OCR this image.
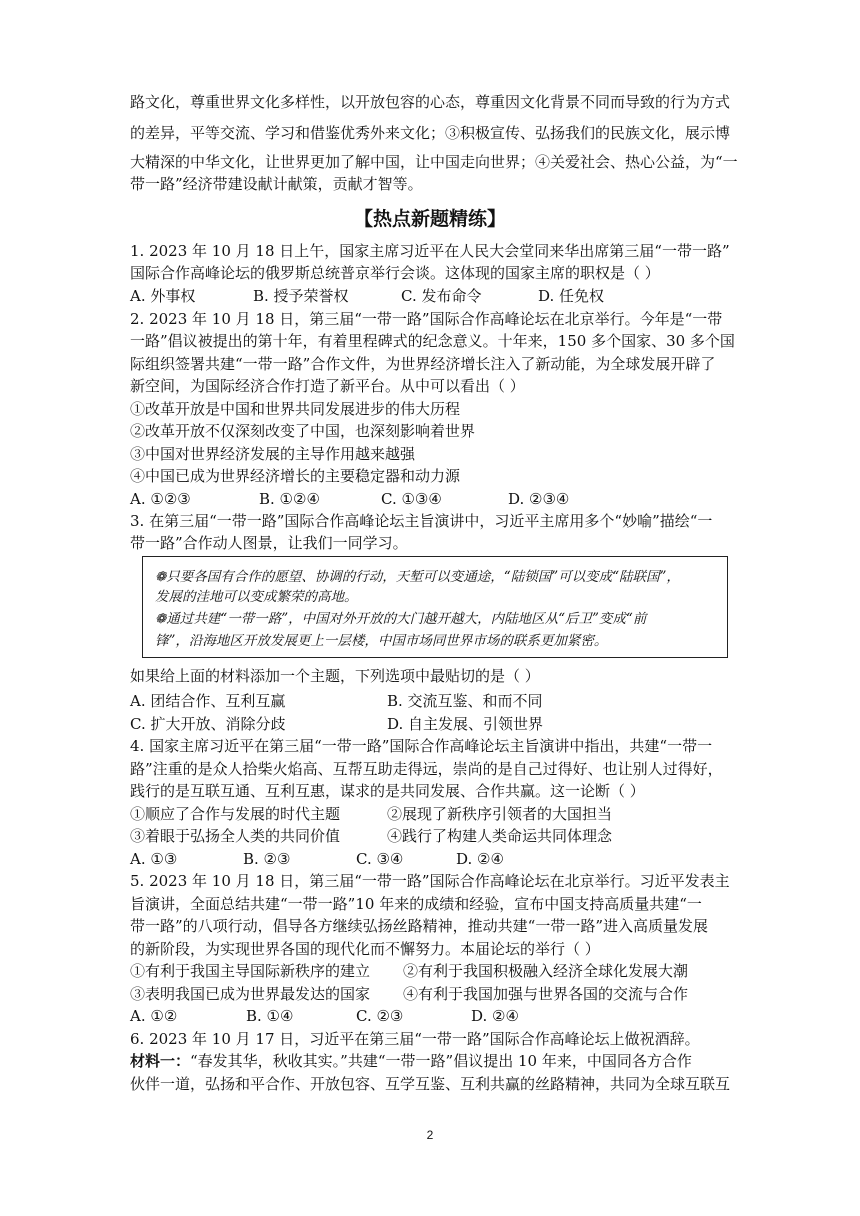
路文化，尊重世界文化多样性，以开放包容的心态，尊重因文化背景不同而导致的行为方式
的差异，平等交流、学习和借鉴优秀外来文化；③积极宣传、弘扬我们的民族文化，展示博
大精深的中华文化，让世界更加了解中国，让中国走向世界；④关爱社会、热心公益，为“一
带一路”经济带建设献计献策，贡献才智等。
【热点新题精练】
1. 2023 年 10 月 18 日上午，国家主席习近平在人民大会堂同来华出席第三届“一带一路”
国际合作高峰论坛的俄罗斯总统普京举行会谈。这体现的国家主席的职权是（ ）
A. 外事权	B. 授予荣誉权	C. 发布命令	D. 任免权
2. 2023 年 10 月 18 日，第三届“一带一路”国际合作高峰论坛在北京举行。今年是“一带
一路”倡议被提出的第十年，有着里程碑式的纪念意义。十年来，150 多个国家、30 多个国
际组织签署共建“一带一路”合作文件，为世界经济增长注入了新动能，为全球发展开辟了
新空间，为国际经济合作打造了新平台。从中可以看出（ ）
①改革开放是中国和世界共同发展进步的伟大历程
②改革开放不仅深刻改变了中国，也深刻影响着世界
③中国对世界经济发展的主导作用越来越强
④中国已成为世界经济增长的主要稳定器和动力源
A. ①②③	B. ①②④	C. ①③④	D. ②③④
3. 在第三届“一带一路”国际合作高峰论坛主旨演讲中，习近平主席用多个“妙喻”描绘“一
带一路”合作动人图景，让我们一同学习。
❁只要各国有合作的愿望、协调的行动，天堑可以变通途，“陆锁国”可以变成“陆联国”，
发展的洼地可以变成繁荣的高地。
❁通过共建“一带一路”，中国对外开放的大门越开越大，内陆地区从“后卫”变成“前
锋”，沿海地区开放发展更上一层楼，中国市场同世界市场的联系更加紧密。
如果给上面的材料添加一个主题，下列选项中最贴切的是（ ）
A. 团结合作、互利互赢	B. 交流互鉴、和而不同
C. 扩大开放、消除分歧	D. 自主发展、引领世界
4. 国家主席习近平在第三届“一带一路”国际合作高峰论坛主旨演讲中指出，共建“一带一
路”注重的是众人拾柴火焰高、互帮互助走得远，崇尚的是自己过得好、也让别人过得好，
践行的是互联互通、互利互惠，谋求的是共同发展、合作共赢。这一论断（ ）
①顺应了合作与发展的时代主题	②展现了新秩序引领者的大国担当
③着眼于弘扬全人类的共同价值	④践行了构建人类命运共同体理念
A. ①③	B. ②③	C. ③④	D. ②④
5. 2023 年 10 月 18 日，第三届“一带一路”国际合作高峰论坛在北京举行。习近平发表主
旨演讲，全面总结共建“一带一路”10 年来的成绩和经验，宣布中国支持高质量共建“一
带一路”的八项行动，倡导各方继续弘扬丝路精神，推动共建“一带一路”进入高质量发展
的新阶段，为实现世界各国的现代化而不懈努力。本届论坛的举行（ ）
①有利于我国主导国际新秩序的建立 ②有利于我国积极融入经济全球化发展大潮
③表明我国已成为世界最发达的国家 ④有利于我国加强与世界各国的交流与合作
A. ①②	B. ①④	C. ②③	D. ②④
6. 2023 年 10 月 17 日，习近平在第三届“一带一路”国际合作高峰论坛上做祝酒辞。
材料一：“春发其华，秋收其实。”共建“一带一路”倡议提出 10 年来，中国同各方合作
伙伴一道，弘扬和平合作、开放包容、互学互鉴、互利共赢的丝路精神，共同为全球互联互
2
